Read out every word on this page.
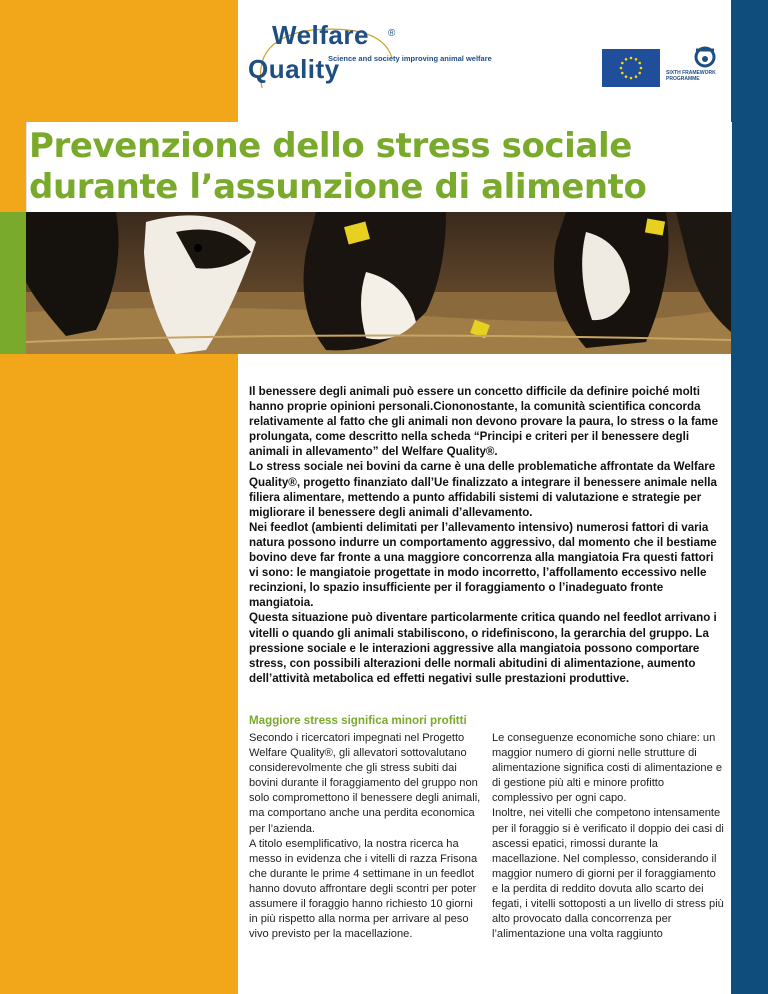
Welfare ®
Quality
Science and society improving animal welfare
SIXTH FRAMEWORK
PROGRAMME
Prevenzione dello stress sociale
durante l’assunzione di alimento

Il benessere degli animali può essere un concetto difficile da definire poiché molti hanno proprie opinioni personali.Ciononostante, la comunità scientifica concorda relativamente al fatto che gli animali non devono provare la paura, lo stress o la fame prolungata, come descritto nella scheda “Principi e criteri per il benessere degli animali in allevamento” del Welfare Quality®.

Lo stress sociale nei bovini da carne è una delle problematiche affrontate da Welfare Quality®, progetto finanziato dall’Ue finalizzato a integrare il benessere animale nella filiera alimentare, mettendo a punto affidabili sistemi di valutazione e strategie per migliorare il benessere degli animali d’allevamento.

Nei feedlot (ambienti delimitati per l’allevamento intensivo) numerosi fattori di varia natura possono indurre un comportamento aggressivo, dal momento che il bestiame bovino deve far fronte a una maggiore concorrenza alla mangiatoia Fra questi fattori vi sono: le mangiatoie progettate in modo incorretto, l’affollamento eccessivo nelle recinzioni, lo spazio insufficiente per il foraggiamento o l’inadeguato fronte mangiatoia.

Questa situazione può diventare particolarmente critica quando nel feedlot arrivano i vitelli o quando gli animali stabiliscono, o ridefiniscono, la gerarchia del gruppo. La pressione sociale e le interazioni aggressive alla mangiatoia possono comportare stress, con possibili alterazioni delle normali abitudini di alimentazione, aumento dell’attività metabolica ed effetti negativi sulle prestazioni produttive.

Maggiore stress significa minori profitti

Secondo i ricercatori impegnati nel Progetto Welfare Quality®, gli allevatori sottovalutano considerevolmente che gli stress subiti dai bovini durante il foraggiamento del gruppo non solo compromettono il benessere degli animali, ma comportano anche una perdita economica per l’azienda.

A titolo esemplificativo, la nostra ricerca ha messo in evidenza che i vitelli di razza Frisona che durante le prime 4 settimane in un feedlot hanno dovuto affrontare degli scontri per poter assumere il foraggio hanno richiesto 10 giorni in più rispetto alla norma per arrivare al peso vivo previsto per la macellazione.

Le conseguenze economiche sono chiare: un maggior numero di giorni nelle strutture di alimentazione significa costi di alimentazione e di gestione più alti e minore profitto complessivo per ogni capo.

Inoltre, nei vitelli che competono intensamente per il foraggio si è verificato il doppio dei casi di ascessi epatici, rimossi durante la macellazione. Nel complesso, considerando il maggior numero di giorni per il foraggiamento e la perdita di reddito dovuta allo scarto dei fegati, i vitelli sottoposti a un livello di stress più alto provocato dalla concorrenza per l’alimentazione una volta raggiunto
